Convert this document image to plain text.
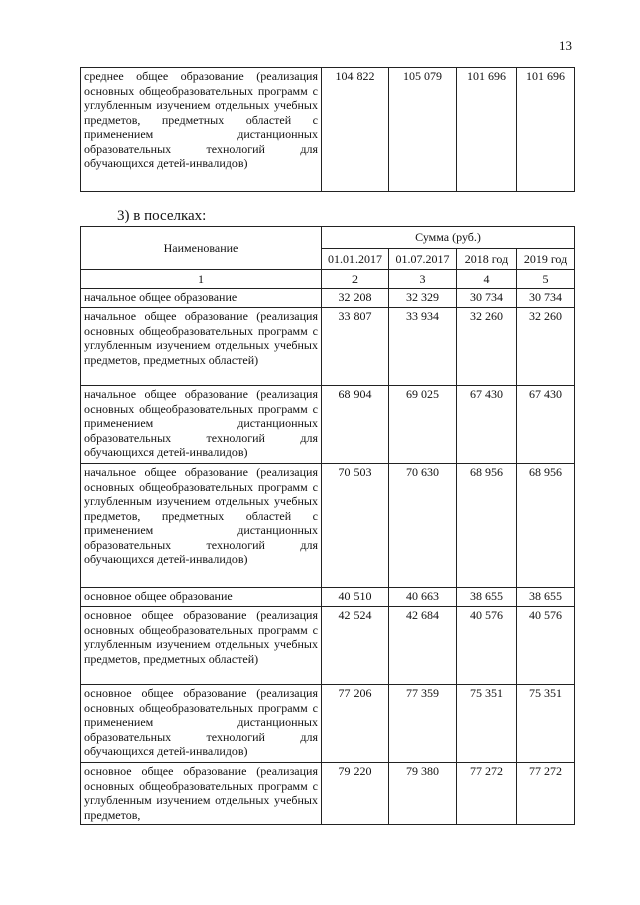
13
среднее общее образование (реализация основных общеобразовательных программ с углубленным изучением отдельных учебных предметов, предметных областей с применением дистанционных образовательных технологий для обучающихся детей-инвалидов)	104 822	105 079	101 696	101 696
3) в поселках:
Наименование	Сумма (руб.)			
	01.01.2017	01.07.2017	2018 год	2019 год
1	2	3	4	5
начальное общее образование	32 208	32 329	30 734	30 734
начальное общее образование (реализация основных общеобразовательных программ с углубленным изучением отдельных учебных предметов, предметных областей)	33 807	33 934	32 260	32 260
начальное общее образование (реализация основных общеобразовательных программ с применением дистанционных образовательных технологий для обучающихся детей-инвалидов)	68 904	69 025	67 430	67 430
начальное общее образование (реализация основных общеобразовательных программ с углубленным изучением отдельных учебных предметов, предметных областей с применением дистанционных образовательных технологий для обучающихся детей-инвалидов)	70 503	70 630	68 956	68 956
основное общее образование	40 510	40 663	38 655	38 655
основное общее образование (реализация основных общеобразовательных программ с углубленным изучением отдельных учебных предметов, предметных областей)	42 524	42 684	40 576	40 576
основное общее образование (реализация основных общеобразовательных программ с применением дистанционных образовательных технологий для обучающихся детей-инвалидов)	77 206	77 359	75 351	75 351
основное общее образование (реализация основных общеобразовательных программ с углубленным изучением отдельных учебных предметов,	79 220	79 380	77 272	77 272
